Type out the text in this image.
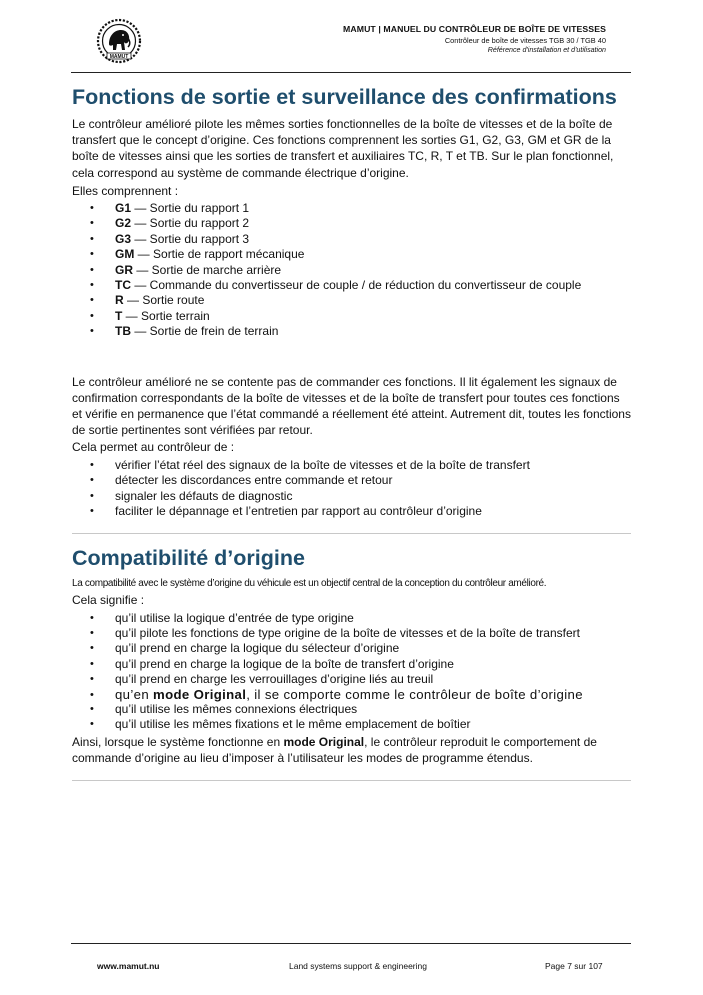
MAMUT
MAMUT | MANUEL DU CONTRÔLEUR DE BOÎTE DE VITESSES
Contrôleur de boîte de vitesses TGB 30 / TGB 40
Référence d'installation et d'utilisation
Fonctions de sortie et surveillance des confirmations

Le contrôleur amélioré pilote les mêmes sorties fonctionnelles de la boîte de vitesses et de la boîte de transfert que le concept d’origine. Ces fonctions comprennent les sorties G1, G2, G3, GM et GR de la boîte de vitesses ainsi que les sorties de transfert et auxiliaires TC, R, T et TB. Sur le plan fonctionnel, cela correspond au système de commande électrique d’origine.

Elles comprennent :

• G1 — Sortie du rapport 1
• G2 — Sortie du rapport 2
• G3 — Sortie du rapport 3
• GM — Sortie de rapport mécanique
• GR — Sortie de marche arrière
• TC — Commande du convertisseur de couple / de réduction du convertisseur de couple
• R — Sortie route
• T — Sortie terrain
• TB — Sortie de frein de terrain

Le contrôleur amélioré ne se contente pas de commander ces fonctions. Il lit également les signaux de confirmation correspondants de la boîte de vitesses et de la boîte de transfert pour toutes ces fonctions et vérifie en permanence que l’état commandé a réellement été atteint. Autrement dit, toutes les fonctions de sortie pertinentes sont vérifiées par retour.

Cela permet au contrôleur de :

• vérifier l’état réel des signaux de la boîte de vitesses et de la boîte de transfert
• détecter les discordances entre commande et retour
• signaler les défauts de diagnostic
• faciliter le dépannage et l’entretien par rapport au contrôleur d’origine
Compatibilité d’origine

La compatibilité avec le système d’origine du véhicule est un objectif central de la conception du contrôleur amélioré.

Cela signifie :

• qu’il utilise la logique d’entrée de type origine
• qu’il pilote les fonctions de type origine de la boîte de vitesses et de la boîte de transfert
• qu’il prend en charge la logique du sélecteur d’origine
• qu’il prend en charge la logique de la boîte de transfert d’origine
• qu’il prend en charge les verrouillages d’origine liés au treuil
• qu’en mode Original, il se comporte comme le contrôleur de boîte d’origine
• qu’il utilise les mêmes connexions électriques
• qu’il utilise les mêmes fixations et le même emplacement de boîtier

Ainsi, lorsque le système fonctionne en mode Original, le contrôleur reproduit le comportement de commande d’origine au lieu d’imposer à l’utilisateur les modes de programme étendus.

www.mamut.nu	Land systems support & engineering	Page 7 sur 107
